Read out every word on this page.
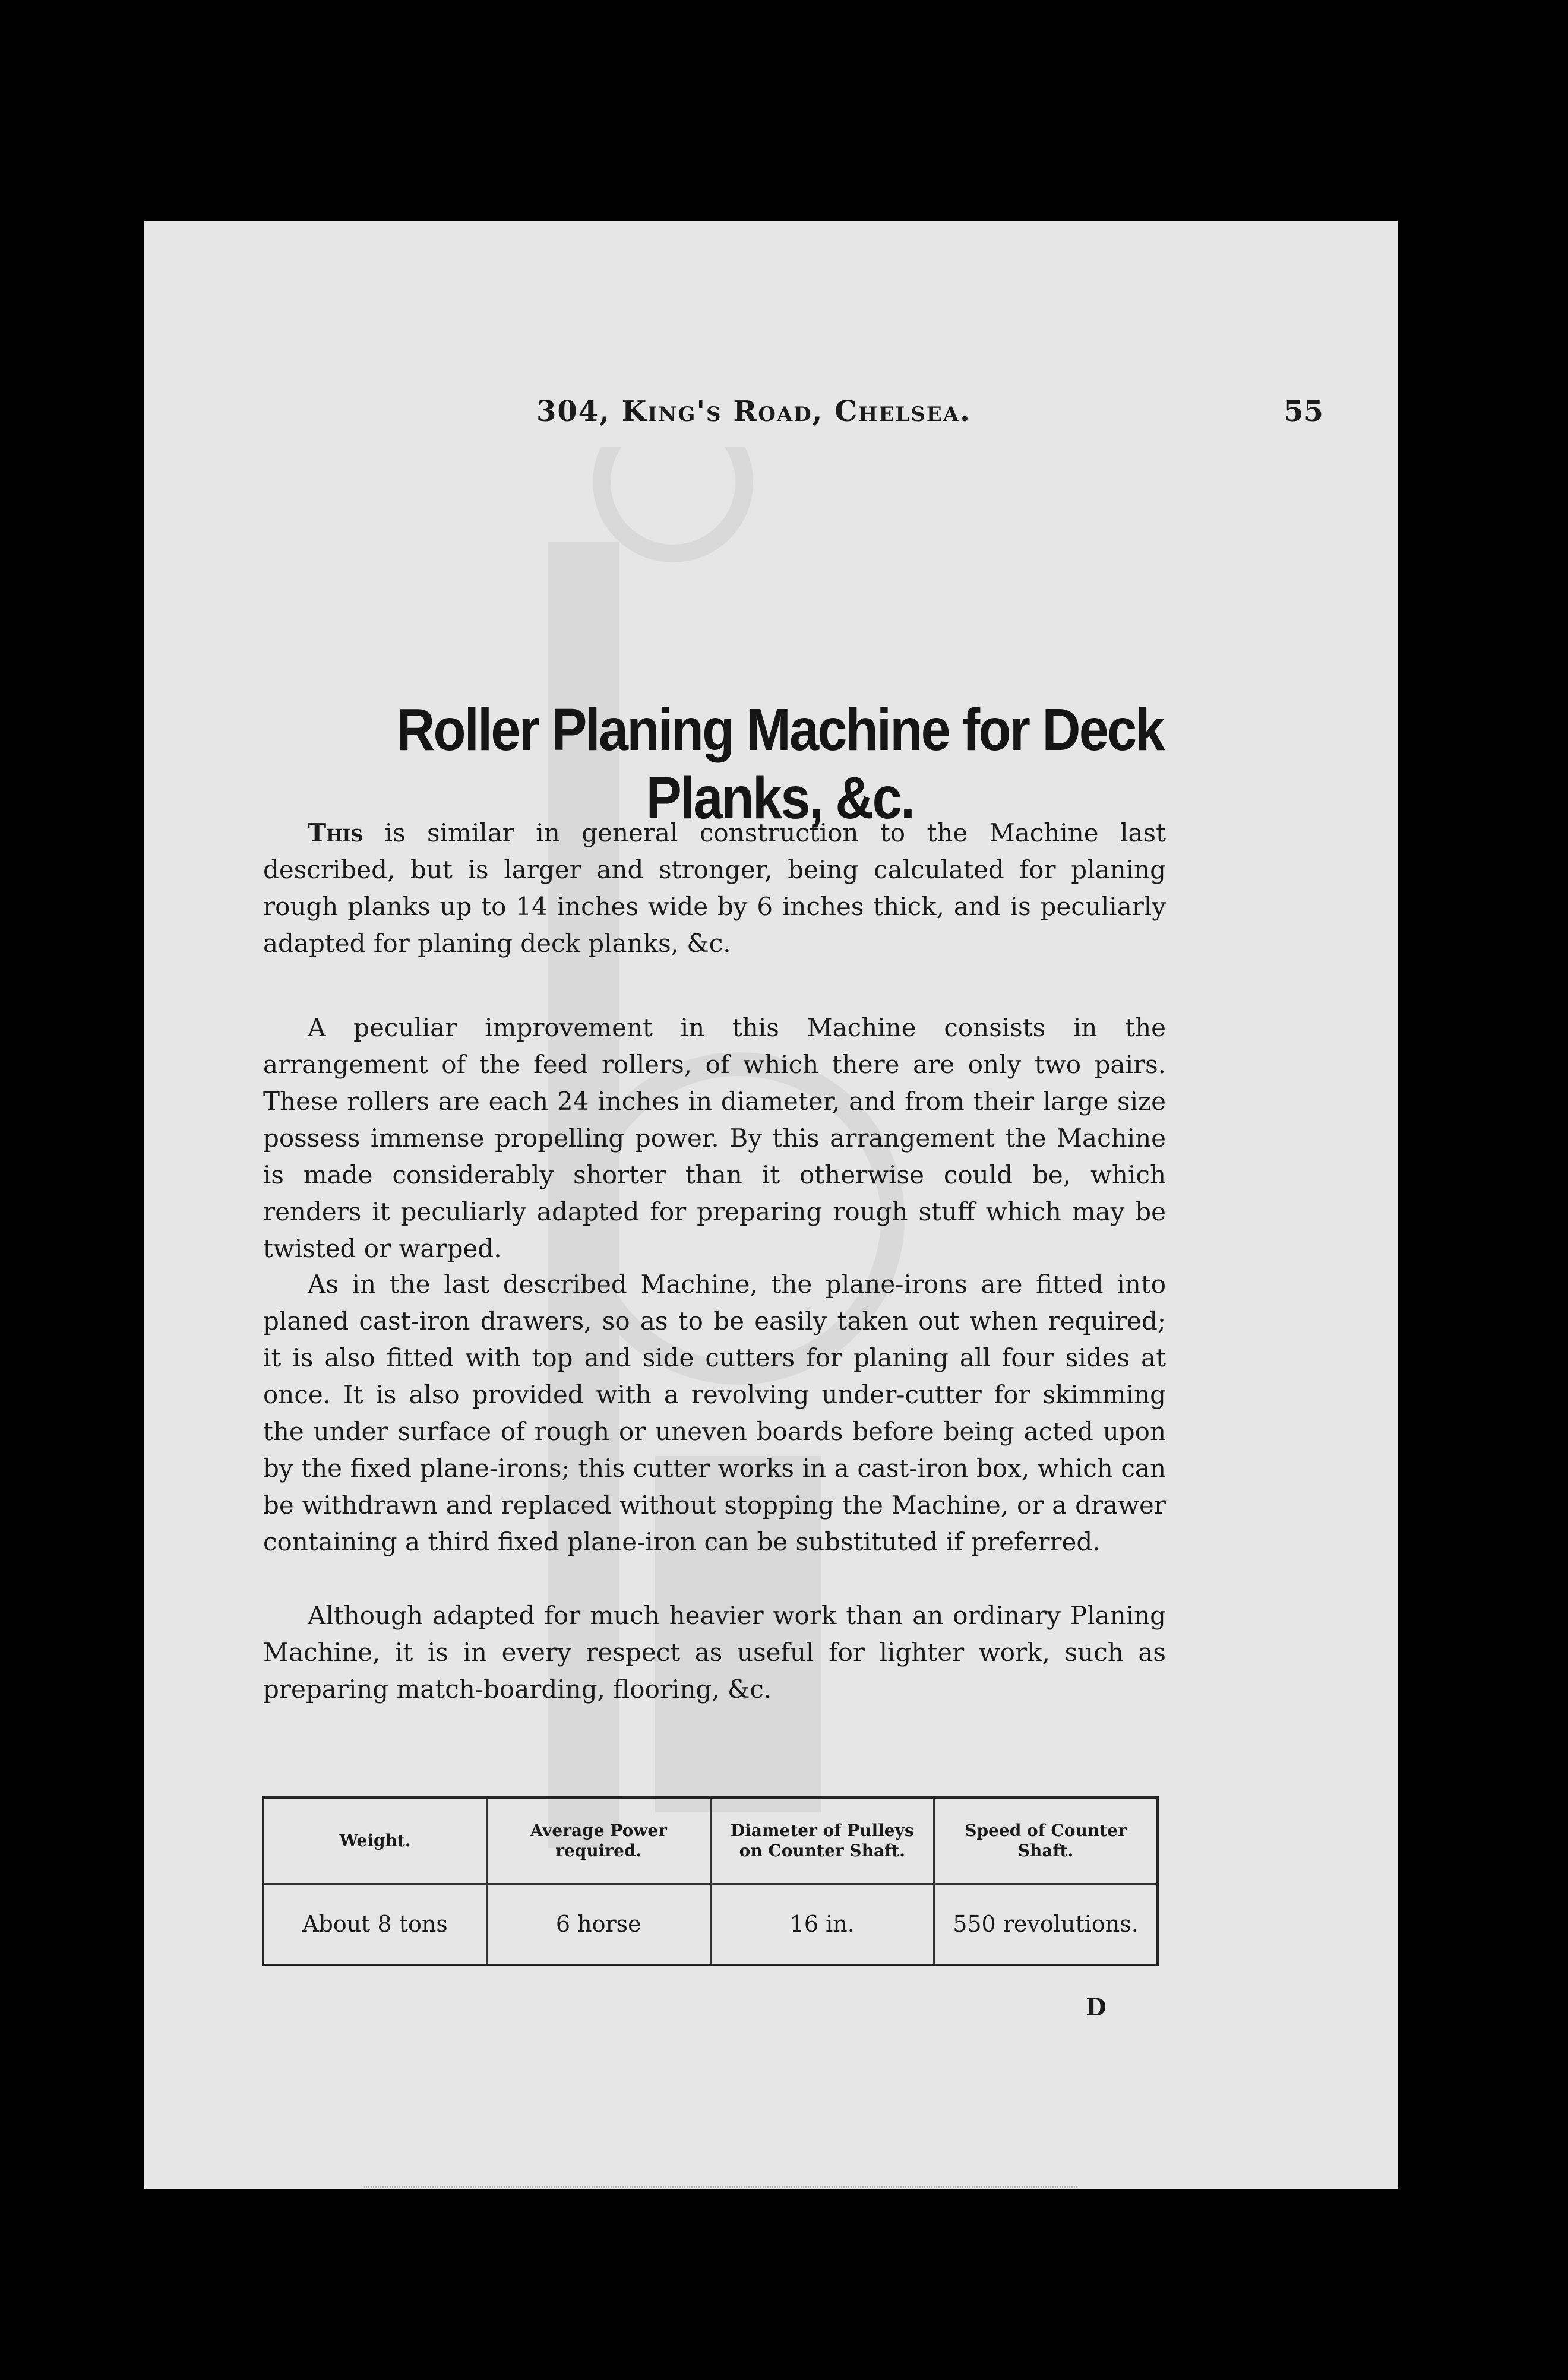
304, King's Road, Chelsea.	55
Roller Planing Machine for Deck Planks, &c.

This is similar in general construction to the Machine last described, but is larger and stronger, being calculated for planing rough planks up to 14 inches wide by 6 inches thick, and is peculiarly adapted for planing deck planks, &c.

A peculiar improvement in this Machine consists in the arrangement of the feed rollers, of which there are only two pairs. These rollers are each 24 inches in diameter, and from their large size possess immense propelling power. By this arrangement the Machine is made considerably shorter than it otherwise could be, which renders it peculiarly adapted for preparing rough stuff which may be twisted or warped.

As in the last described Machine, the plane-irons are fitted into planed cast-iron drawers, so as to be easily taken out when required; it is also fitted with top and side cutters for planing all four sides at once. It is also provided with a revolving under-cutter for skimming the under surface of rough or uneven boards before being acted upon by the fixed plane-irons; this cutter works in a cast-iron box, which can be withdrawn and replaced without stopping the Machine, or a drawer containing a third fixed plane-iron can be substituted if preferred.

Although adapted for much heavier work than an ordinary Planing Machine, it is in every respect as useful for lighter work, such as preparing match-boarding, flooring, &c.

Weight.	Average Power required.	Diameter of Pulleys on Counter Shaft.	Speed of Counter Shaft.
About 8 tons	6 horse	16 in.	550 revolutions.
D
